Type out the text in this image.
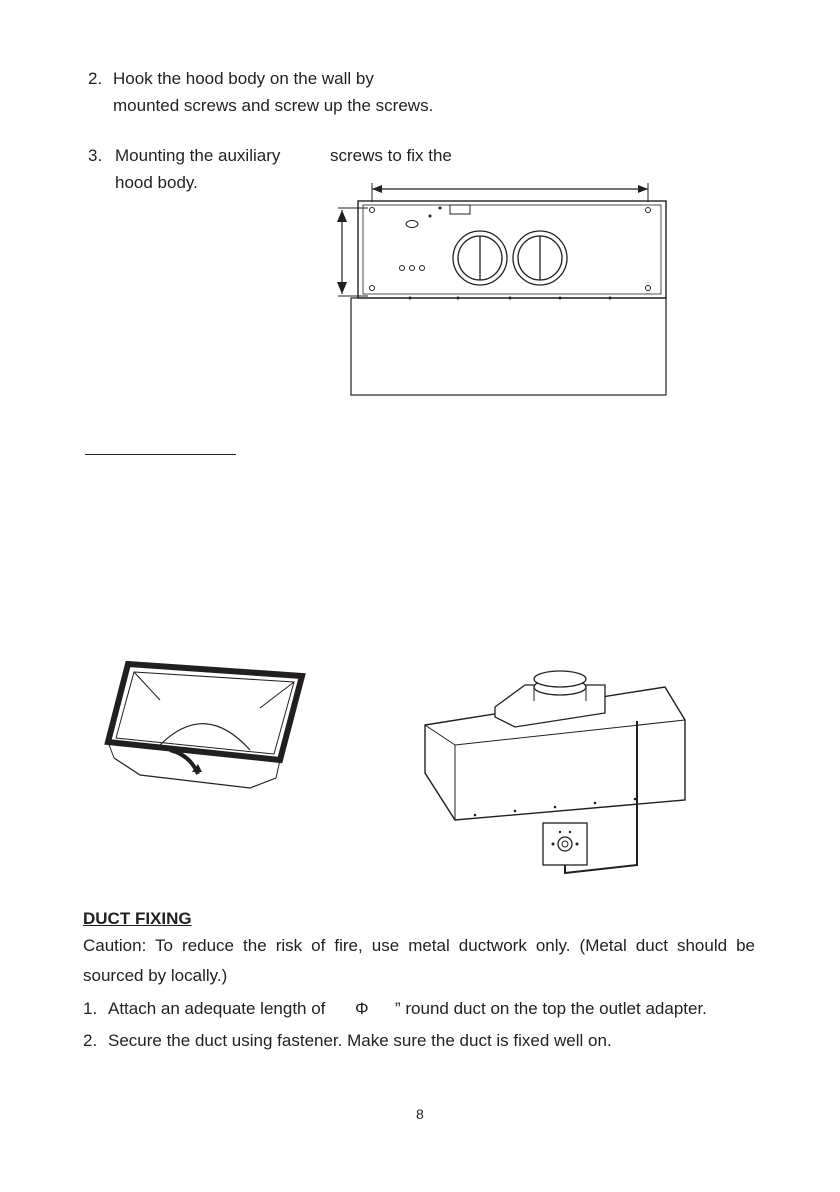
2. Hook the hood body on the wall by
mounted screws and screw up the screws.
3. Mounting the auxiliary	screws to fix the
hood body.
DUCT FIXING
Caution: To reduce the risk of fire, use metal ductwork only. (Metal duct should be
sourced by locally.)
1. Attach an adequate length of Φ ” round duct on the top the outlet adapter.
2. Secure the duct using fastener. Make sure the duct is fixed well on.
8
